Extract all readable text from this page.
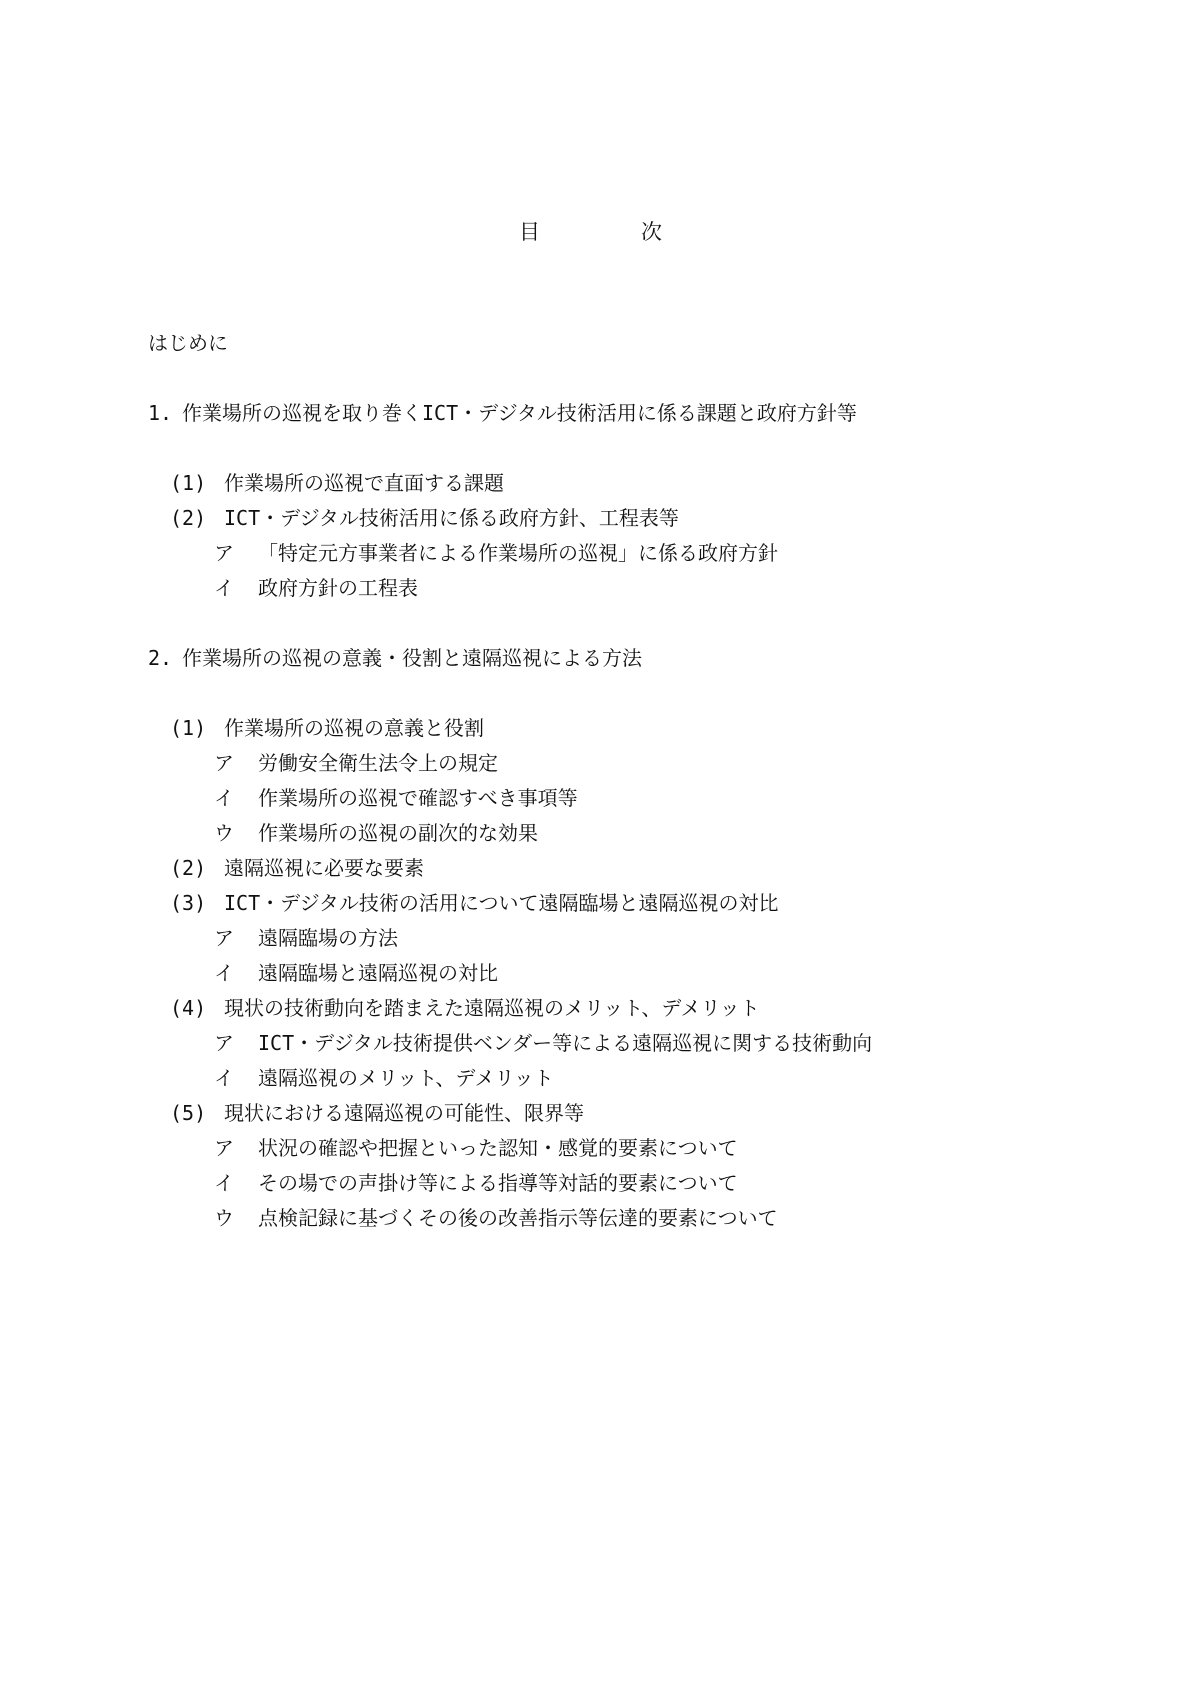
目　次
はじめに
1. 作業場所の巡視を取り巻くICT・デジタル技術活用に係る課題と政府方針等
(1) 作業場所の巡視で直面する課題
(2) ICT・デジタル技術活用に係る政府方針、工程表等
ア	「特定元方事業者による作業場所の巡視」に係る政府方針
イ	政府方針の工程表
2. 作業場所の巡視の意義・役割と遠隔巡視による方法
(1) 作業場所の巡視の意義と役割
ア	労働安全衛生法令上の規定
イ	作業場所の巡視で確認すべき事項等
ウ	作業場所の巡視の副次的な効果
(2) 遠隔巡視に必要な要素
(3) ICT・デジタル技術の活用について遠隔臨場と遠隔巡視の対比
ア	遠隔臨場の方法
イ	遠隔臨場と遠隔巡視の対比
(4) 現状の技術動向を踏まえた遠隔巡視のメリット、デメリット
ア	ICT・デジタル技術提供ベンダー等による遠隔巡視に関する技術動向
イ	遠隔巡視のメリット、デメリット
(5) 現状における遠隔巡視の可能性、限界等
ア	状況の確認や把握といった認知・感覚的要素について
イ	その場での声掛け等による指導等対話的要素について
ウ	点検記録に基づくその後の改善指示等伝達的要素について
